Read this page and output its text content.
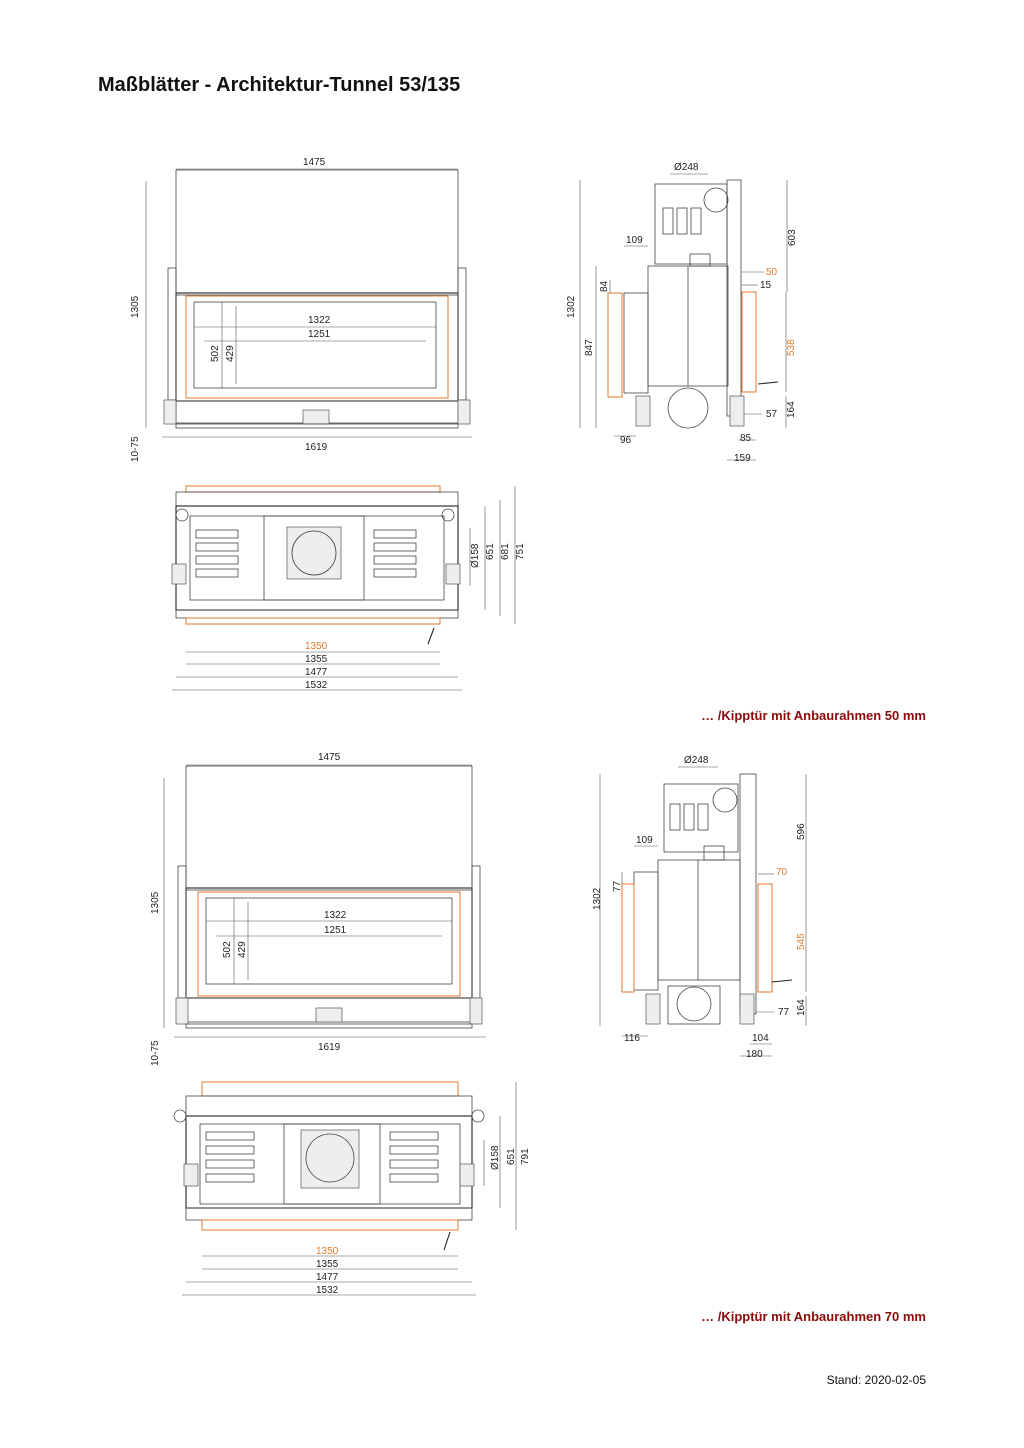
Maßblätter - Architektur-Tunnel 53/135
1475
1305
1322
1251
502 429
10-75	1619
Ø248
109	603
50
15
84
1302
847	538
57 164
96	85
159
Ø158 651 681 751
1350
1355
1477
1532
1475
1305
1322
1251
502 429
10-75	1619
Ø248
109
596
70
77
1302
545
77 164
116	104
180
Ø158 651 791
1350
1355
1477
1532
… /Kipptür mit Anbaurahmen 50 mm
… /Kipptür mit Anbaurahmen 70 mm
Stand: 2020-02-05
